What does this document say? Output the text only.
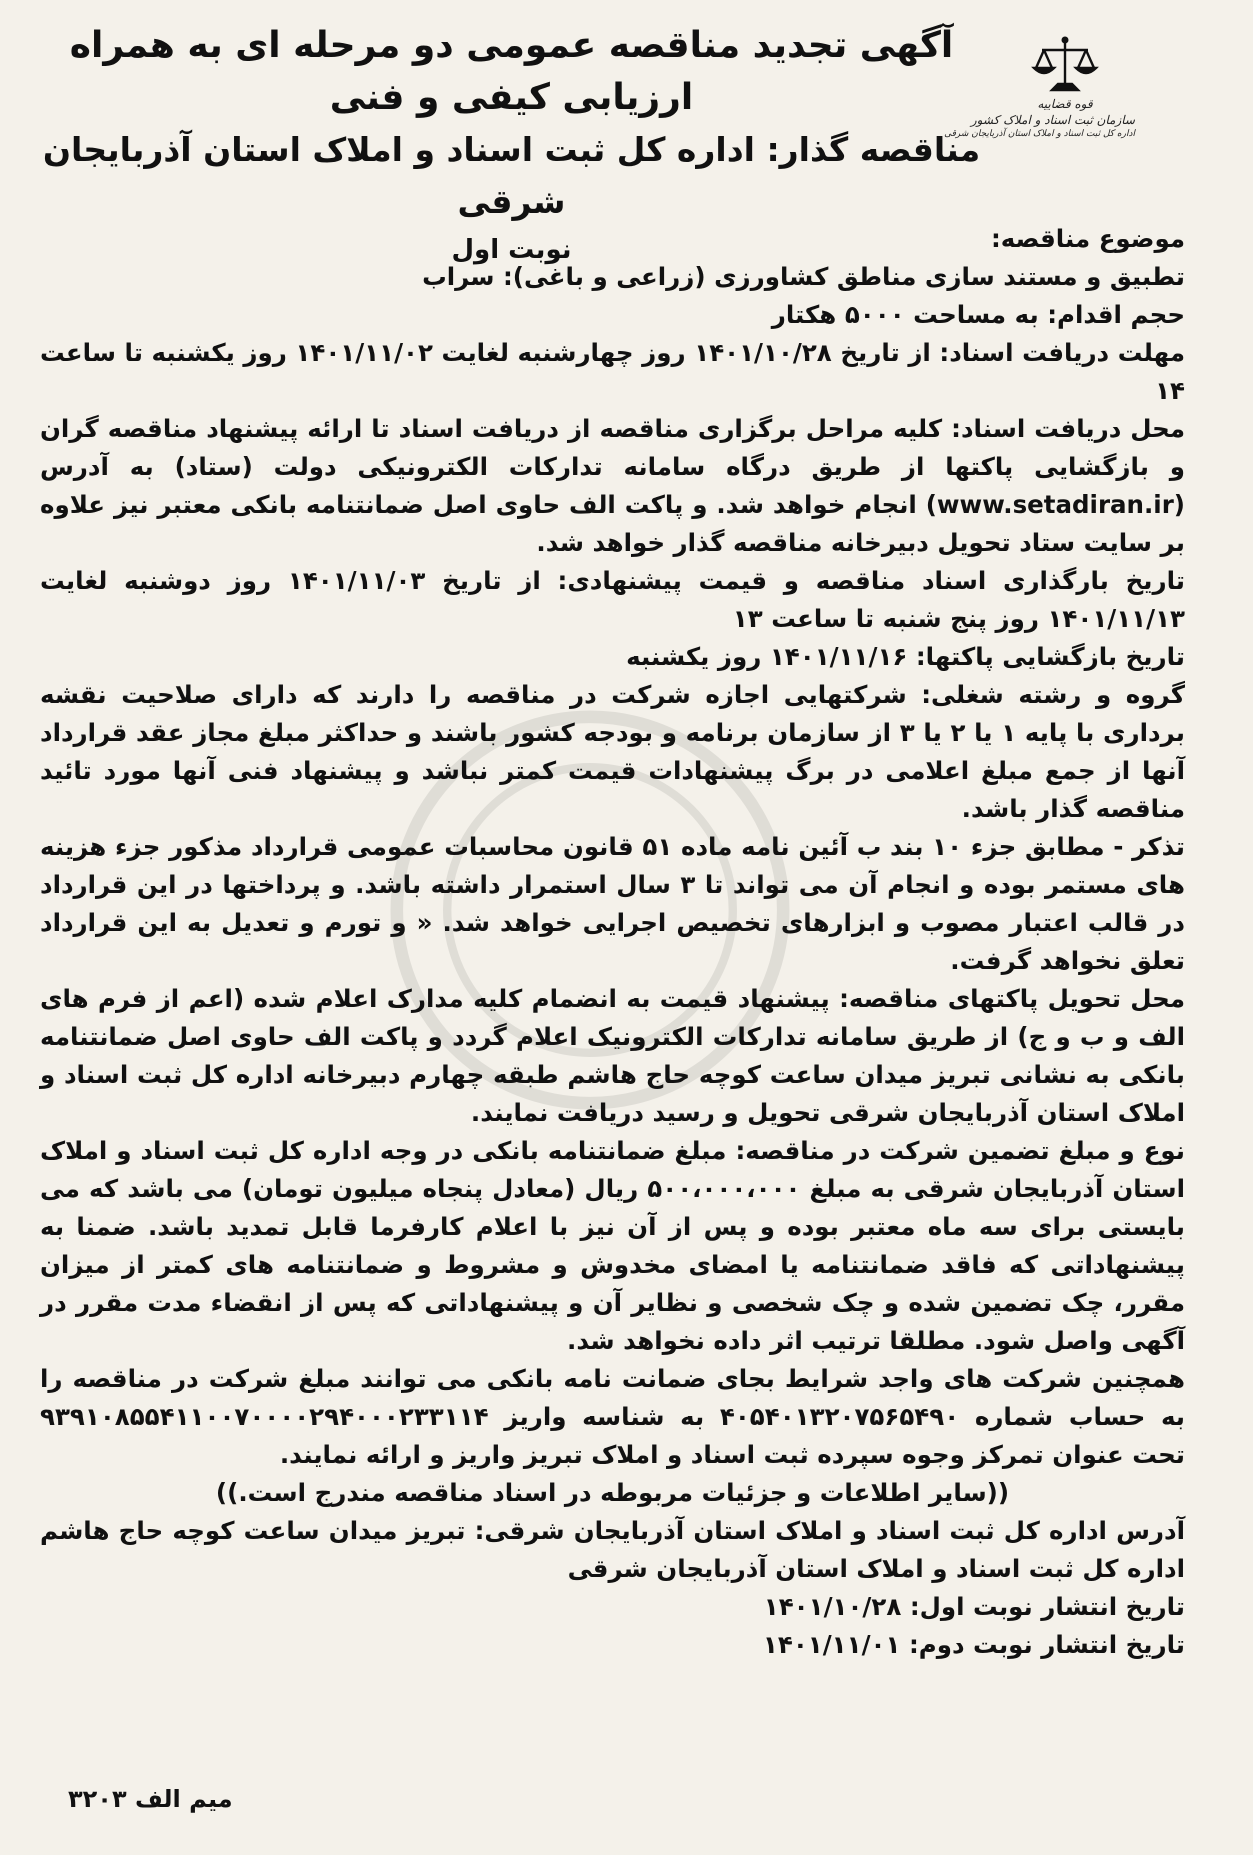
قوه قضاییه
سازمان ثبت اسناد و املاک کشور
اداره کل ثبت اسناد و املاک استان آذربایجان شرقی
آگهی تجدید مناقصه عمومی دو مرحله ای به همراه ارزیابی کیفی و فنی
مناقصه گذار: اداره کل ثبت اسناد و املاک استان آذربایجان شرقی
نوبت اول	موضوع مناقصه:

تطبیق و مستند سازی مناطق کشاورزی (زراعی و باغی): سراب

حجم اقدام: به مساحت ۵۰۰۰ هکتار

مهلت دریافت اسناد: از تاریخ ۱۴۰۱/۱۰/۲۸ روز چهارشنبه لغایت ۱۴۰۱/۱۱/۰۲ روز یکشنبه تا ساعت ۱۴

محل دریافت اسناد: کلیه مراحل برگزاری مناقصه از دریافت اسناد تا ارائه پیشنهاد مناقصه گران و بازگشایی پاکتها از طریق درگاه سامانه تدارکات الکترونیکی دولت (ستاد) به آدرس (www.setadiran.ir) انجام خواهد شد. و پاکت الف حاوی اصل ضمانتنامه بانکی معتبر نیز علاوه بر سایت ستاد تحویل دبیرخانه مناقصه گذار خواهد شد.

تاریخ بارگذاری اسناد مناقصه و قیمت پیشنهادی: از تاریخ ۱۴۰۱/۱۱/۰۳ روز دوشنبه لغایت ۱۴۰۱/۱۱/۱۳ روز پنج شنبه تا ساعت ۱۳

تاریخ بازگشایی پاکتها: ۱۴۰۱/۱۱/۱۶ روز یکشنبه

گروه و رشته شغلی: شرکتهایی اجازه شرکت در مناقصه را دارند که دارای صلاحیت نقشه برداری با پایه ۱ یا ۲ یا ۳ از سازمان برنامه و بودجه کشور باشند و حداکثر مبلغ مجاز عقد قرارداد آنها از جمع مبلغ اعلامی در برگ پیشنهادات قیمت کمتر نباشد و پیشنهاد فنی آنها مورد تائید مناقصه گذار باشد.

تذکر - مطابق جزء ۱۰ بند ب آئین نامه ماده ۵۱ قانون محاسبات عمومی قرارداد مذکور جزء هزینه های مستمر بوده و انجام آن می تواند تا ۳ سال استمرار داشته باشد. و پرداختها در این قرارداد در قالب اعتبار مصوب و ابزارهای تخصیص اجرایی خواهد شد. « و تورم و تعدیل به این قرارداد تعلق نخواهد گرفت.

محل تحویل پاکتهای مناقصه: پیشنهاد قیمت به انضمام کلیه مدارک اعلام شده (اعم از فرم های الف و ب و ج) از طریق سامانه تدارکات الکترونیک اعلام گردد و پاکت الف حاوی اصل ضمانتنامه بانکی به نشانی تبریز میدان ساعت کوچه حاج هاشم طبقه چهارم دبیرخانه اداره کل ثبت اسناد و املاک استان آذربایجان شرقی تحویل و رسید دریافت نمایند.

نوع و مبلغ تضمین شرکت در مناقصه: مبلغ ضمانتنامه بانکی در وجه اداره کل ثبت اسناد و املاک استان آذربایجان شرقی به مبلغ ۵۰۰،۰۰۰،۰۰۰ ریال (معادل پنجاه میلیون تومان) می باشد که می بایستی برای سه ماه معتبر بوده و پس از آن نیز با اعلام کارفرما قابل تمدید باشد. ضمنا به پیشنهاداتی که فاقد ضمانتنامه یا امضای مخدوش و مشروط و ضمانتنامه های کمتر از میزان مقرر، چک تضمین شده و چک شخصی و نظایر آن و پیشنهاداتی که پس از انقضاء مدت مقرر در آگهی واصل شود. مطلقا ترتیب اثر داده نخواهد شد.

همچنین شرکت های واجد شرایط بجای ضمانت نامه بانکی می توانند مبلغ شرکت در مناقصه را به حساب شماره ۴۰۵۴۰۱۳۲۰۷۵۶۵۴۹۰ به شناسه واریز ۹۳۹۱۰۸۵۵۴۱۱۰۰۷۰۰۰۰۲۹۴۰۰۰۲۳۳۱۱۴ تحت عنوان تمرکز وجوه سپرده ثبت اسناد و املاک تبریز واریز و ارائه نمایند.

((سایر اطلاعات و جزئیات مربوطه در اسناد مناقصه مندرج است.))

آدرس اداره کل ثبت اسناد و املاک استان آذربایجان شرقی: تبریز میدان ساعت کوچه حاج هاشم اداره کل ثبت اسناد و املاک استان آذربایجان شرقی

تاریخ انتشار نوبت اول: ۱۴۰۱/۱۰/۲۸

تاریخ انتشار نوبت دوم: ۱۴۰۱/۱۱/۰۱

میم الف ۳۲۰۳
